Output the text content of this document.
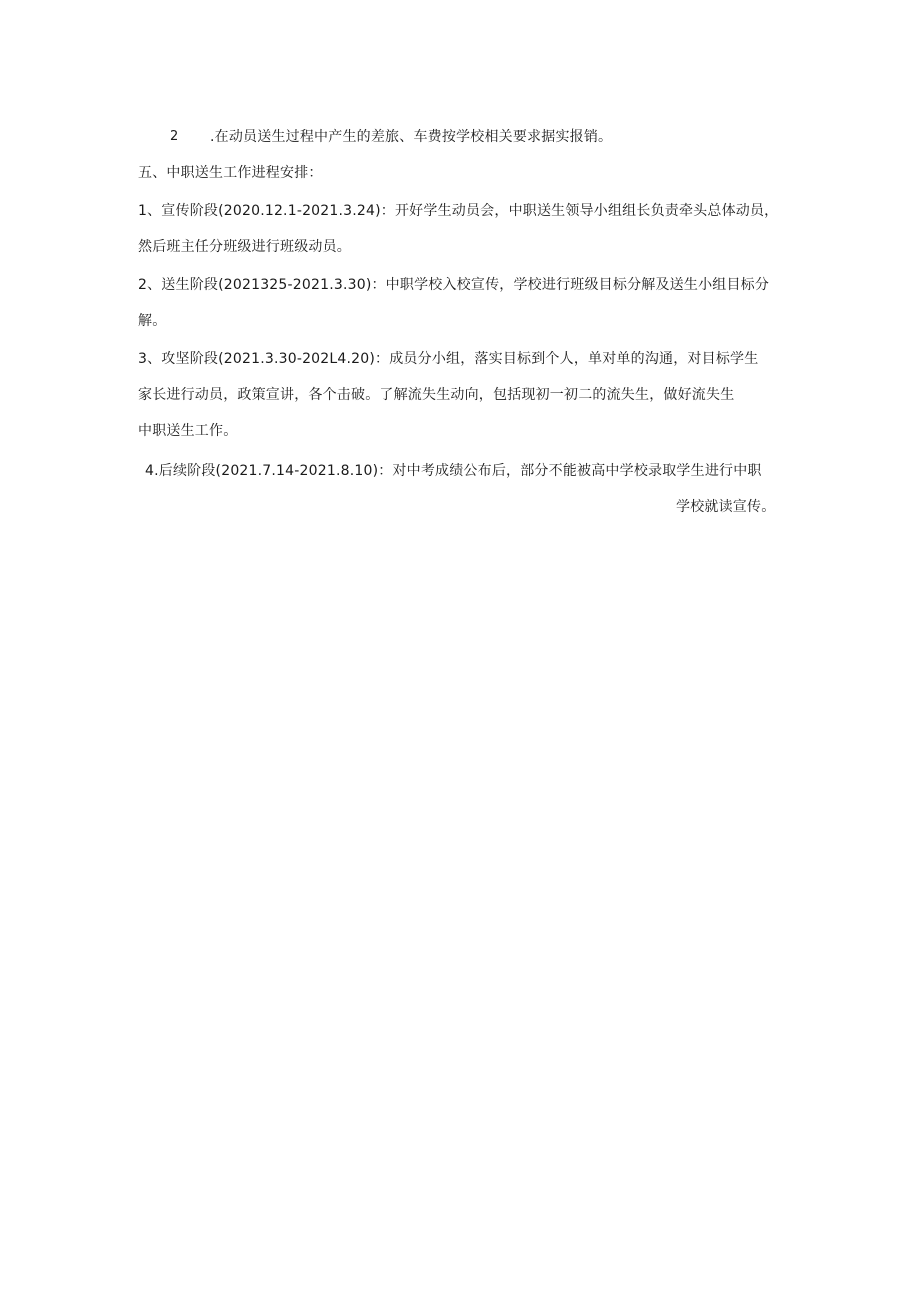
2 .在动员送生过程中产生的差旅、车费按学校相关要求据实报销。
五、中职送生工作进程安排：
1、宣传阶段(2020.12.1-2021.3.24)：开好学生动员会，中职送生领导小组组长负责牵头总体动员，
然后班主任分班级进行班级动员。
2、送生阶段(2021325-2021.3.30)：中职学校入校宣传，学校进行班级目标分解及送生小组目标分
解。
3、攻坚阶段(2021.3.30-202L4.20)：成员分小组，落实目标到个人，单对单的沟通，对目标学生
家长进行动员，政策宣讲，各个击破。了解流失生动向，包括现初一初二的流失生，做好流失生
中职送生工作。
4.后续阶段(2021.7.14-2021.8.10)：对中考成绩公布后，部分不能被高中学校录取学生进行中职
学校就读宣传。
